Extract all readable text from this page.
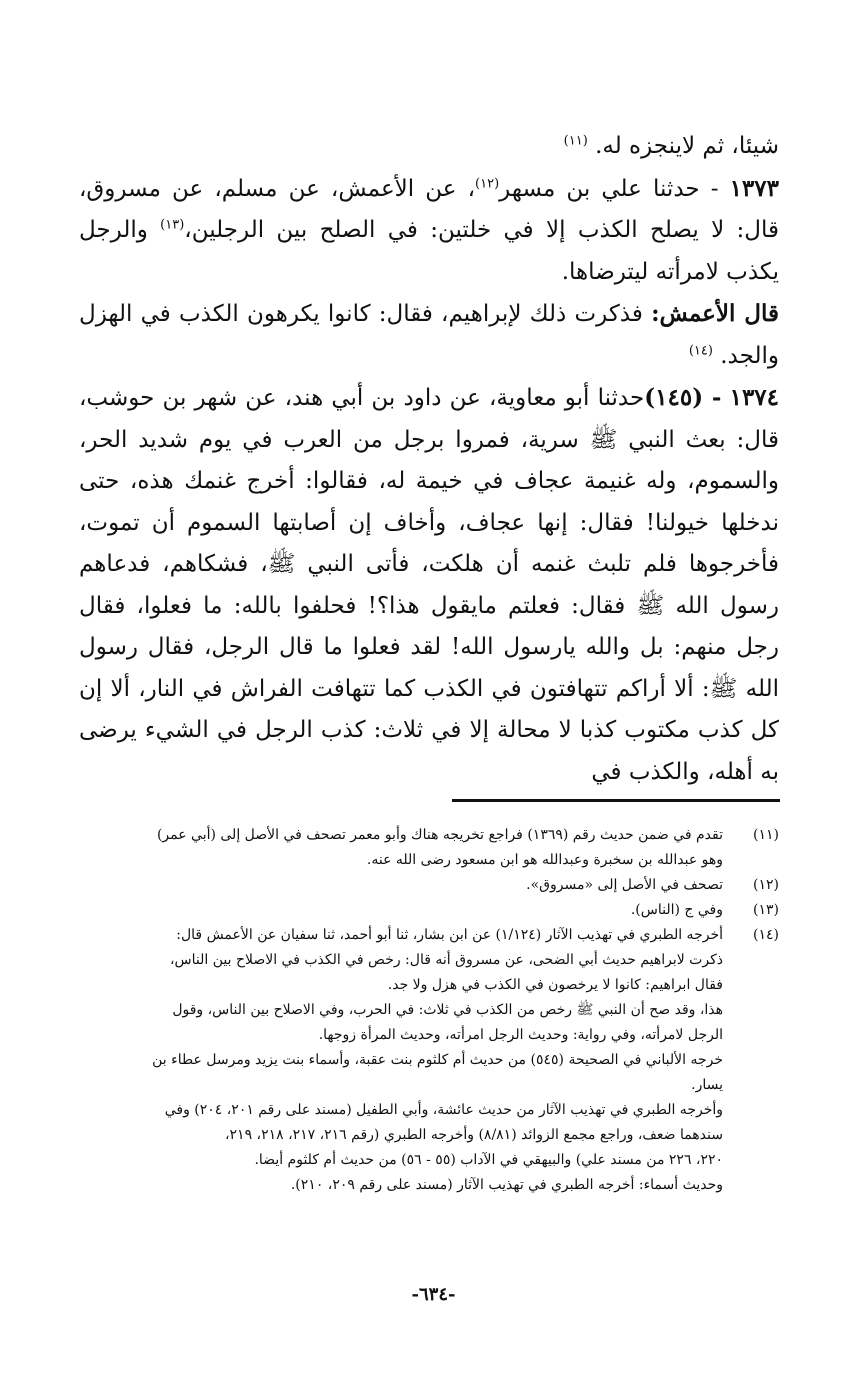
شيئا، ثم لاينجزه له. $^{(١١)}$

١٣٧٣ - حدثنا علي بن مسهر$^{(١٢)}$، عن الأعمش، عن مسلم، عن مسروق، قال: لا يصلح الكذب إلا في خلتين: في الصلح بين الرجلين،$^{(١٣)}$ والرجل يكذب لامرأته ليترضاها.

قال الأعمش: فذكرت ذلك لإبراهيم، فقال: كانوا يكرهون الكذب في الهزل والجد. $^{(١٤)}$

١٣٧٤ - (١٤٥)حدثنا أبو معاوية، عن داود بن أبي هند، عن شهر بن حوشب، قال: بعث النبي ﷺ سرية، فمروا برجل من العرب في يوم شديد الحر، والسموم، وله غنيمة عجاف في خيمة له، فقالوا: أخرج غنمك هذه، حتى ندخلها خيولنا! فقال: إنها عجاف، وأخاف إن أصابتها السموم أن تموت، فأخرجوها فلم تلبث غنمه أن هلكت، فأتى النبي ﷺ، فشكاهم، فدعاهم رسول الله ﷺ فقال: فعلتم مايقول هذا؟! فحلفوا بالله: ما فعلوا، فقال رجل منهم: بل والله يارسول الله! لقد فعلوا ما قال الرجل، فقال رسول الله ﷺ: ألا أراكم تتهافتون في الكذب كما تتهافت الفراش في النار، ألا إن كل كذب مكتوب كذبا لا محالة إلا في ثلاث: كذب الرجل في الشيء يرضى به أهله، والكذب في

(١١)
تقدم في ضمن حديث رقم (١٣٦٩) فراجع تخريجه هناك وأبو معمر تصحف في الأصل إلى (أبي عمر)
وهو عبدالله بن سخبرة وعبدالله هو ابن مسعود رضى الله عنه.
(١٢)
تصحف في الأصل إلى «مسروق».
(١٣)
وفي ج (الناس).
(١٤)
أخرجه الطبري في تهذيب الآثار (١/١٢٤) عن ابن بشار، ثنا أبو أحمد، ثنا سفيان عن الأعمش قال:
ذكرت لابراهيم حديث أبي الضحى، عن مسروق أنه قال: رخص في الكذب في الاصلاح بين الناس،
فقال ابراهيم: كانوا لا يرخصون في الكذب في هزل ولا جد.
هذا، وقد صح أن النبي ﷺ رخص من الكذب في ثلاث: في الحرب، وفي الاصلاح بين الناس، وقول
الرجل لامرأته، وفي رواية: وحديث الرجل امرأته، وحديث المرأة زوجها.
خرجه الألباني في الصحيحة (٥٤٥) من حديث أم كلثوم بنت عقبة، وأسماء بنت يزيد ومرسل عطاء بن
يسار.
وأخرجه الطبري في تهذيب الآثار من حديث عائشة، وأبي الطفيل (مسند على رقم ٢٠١، ٢٠٤) وفي
سندهما ضعف، وراجع مجمع الزوائد (٨/٨١) وأخرجه الطبري (رقم ٢١٦، ٢١٧، ٢١٨، ٢١٩،
٢٢٠، ٢٢٦ من مسند علي) والبيهقي في الآداب (٥٥ - ٥٦) من حديث أم كلثوم أيضا.
وحديث أسماء: أخرجه الطبري في تهذيب الآثار (مسند على رقم ٢٠٩، ٢١٠).
-٦٣٤-
